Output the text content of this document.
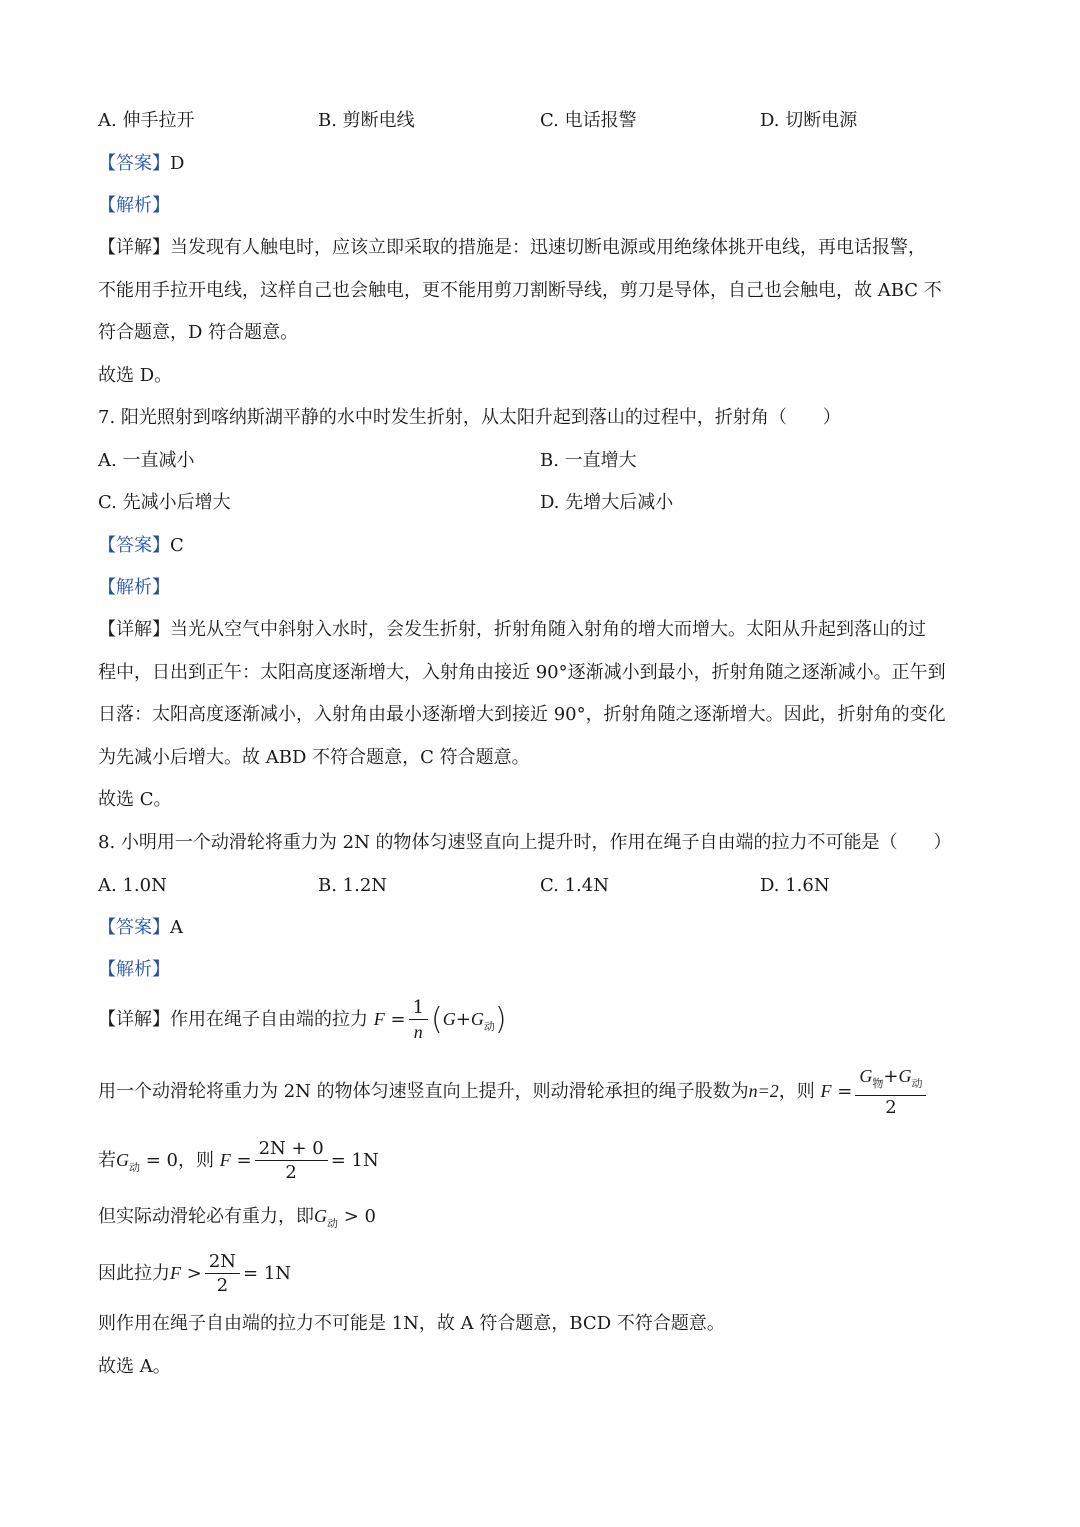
A. 伸手拉开	B. 剪断电线	C. 电话报警	D. 切断电源
【答案】D
【解析】
【详解】当发现有人触电时，应该立即采取的措施是：迅速切断电源或用绝缘体挑开电线，再电话报警，
不能用手拉开电线，这样自己也会触电，更不能用剪刀割断导线，剪刀是导体，自己也会触电，故 ABC 不
符合题意，D 符合题意。
故选 D。
7. 阳光照射到喀纳斯湖平静的水中时发生折射，从太阳升起到落山的过程中，折射角（　　）
A. 一直减小	B. 一直增大
C. 先减小后增大	D. 先增大后减小
【答案】C
【解析】
【详解】当光从空气中斜射入水时，会发生折射，折射角随入射角的增大而增大。太阳从升起到落山的过
程中，日出到正午：太阳高度逐渐增大，入射角由接近 90°逐渐减小到最小，折射角随之逐渐减小。正午到
日落：太阳高度逐渐减小，入射角由最小逐渐增大到接近 90°，折射角随之逐渐增大。因此，折射角的变化
为先减小后增大。故 ABD 不符合题意，C 符合题意。
故选 C。
8. 小明用一个动滑轮将重力为 2N 的物体匀速竖直向上提升时，作用在绳子自由端的拉力不可能是（　　）
A. 1.0N	B. 1.2N	C. 1.4N	D. 1.6N
【答案】A
【解析】
【详解】作用在绳子自由端的拉力 $F = \frac{1}{n} (G+G_动)$
用一个动滑轮将重力为 2N 的物体匀速竖直向上提升，则动滑轮承担的绳子股数为n=2，则 $F = \frac{G_物+G_动}{2}$
若$G_动 = 0$，则 $F = \frac{2N + 0}{2} = 1N$
但实际动滑轮必有重力，即$G_动 > 0$
因此拉力$F > \frac{2N}{2} = 1N$
则作用在绳子自由端的拉力不可能是 1N，故 A 符合题意，BCD 不符合题意。
故选 A。
